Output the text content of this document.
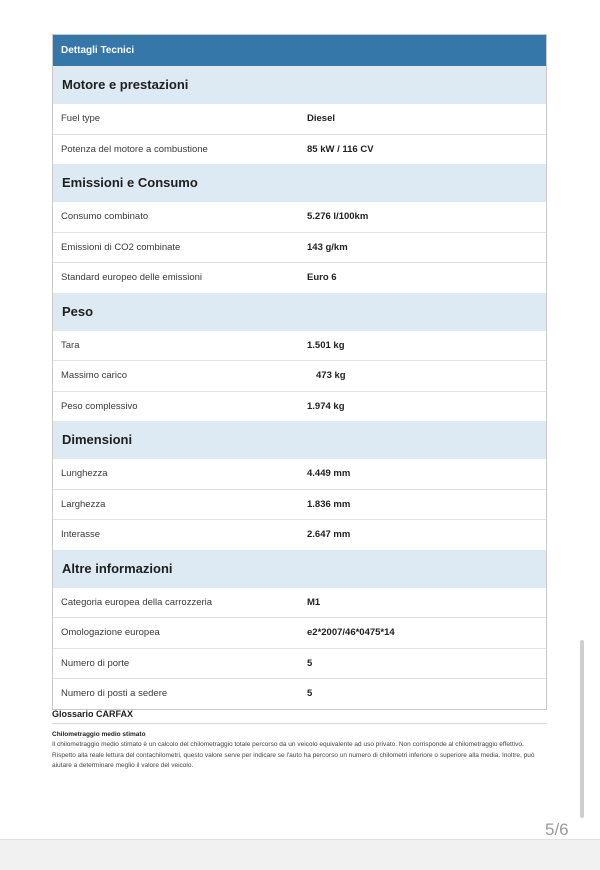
Dettagli Tecnici
Motore e prestazioni
Fuel type	Diesel
Potenza del motore a combustione	85 kW / 116 CV
Emissioni e Consumo
Consumo combinato	5.276 l/100km
Emissioni di CO2 combinate	143 g/km
Standard europeo delle emissioni	Euro 6
Peso
Tara	1.501 kg
Massimo carico	473 kg
Peso complessivo	1.974 kg
Dimensioni
Lunghezza	4.449 mm
Larghezza	1.836 mm
Interasse	2.647 mm
Altre informazioni
Categoria europea della carrozzeria	M1
Omologazione europea	e2*2007/46*0475*14
Numero di porte	5
Numero di posti a sedere	5
Glossario CARFAX
Chilometraggio medio stimato
Il chilometraggio medio stimato è un calcolo del chilometraggio totale percorso da un veicolo equivalente ad uso privato. Non corrisponde al chilometraggio effettivo. Rispetto alla reale lettura del contachilometri, questo valore serve per indicare se l'auto ha percorso un numero di chilometri inferiore o superiore alla media. Inoltre, può aiutare a determinare meglio il valore del veicolo.
5/6
